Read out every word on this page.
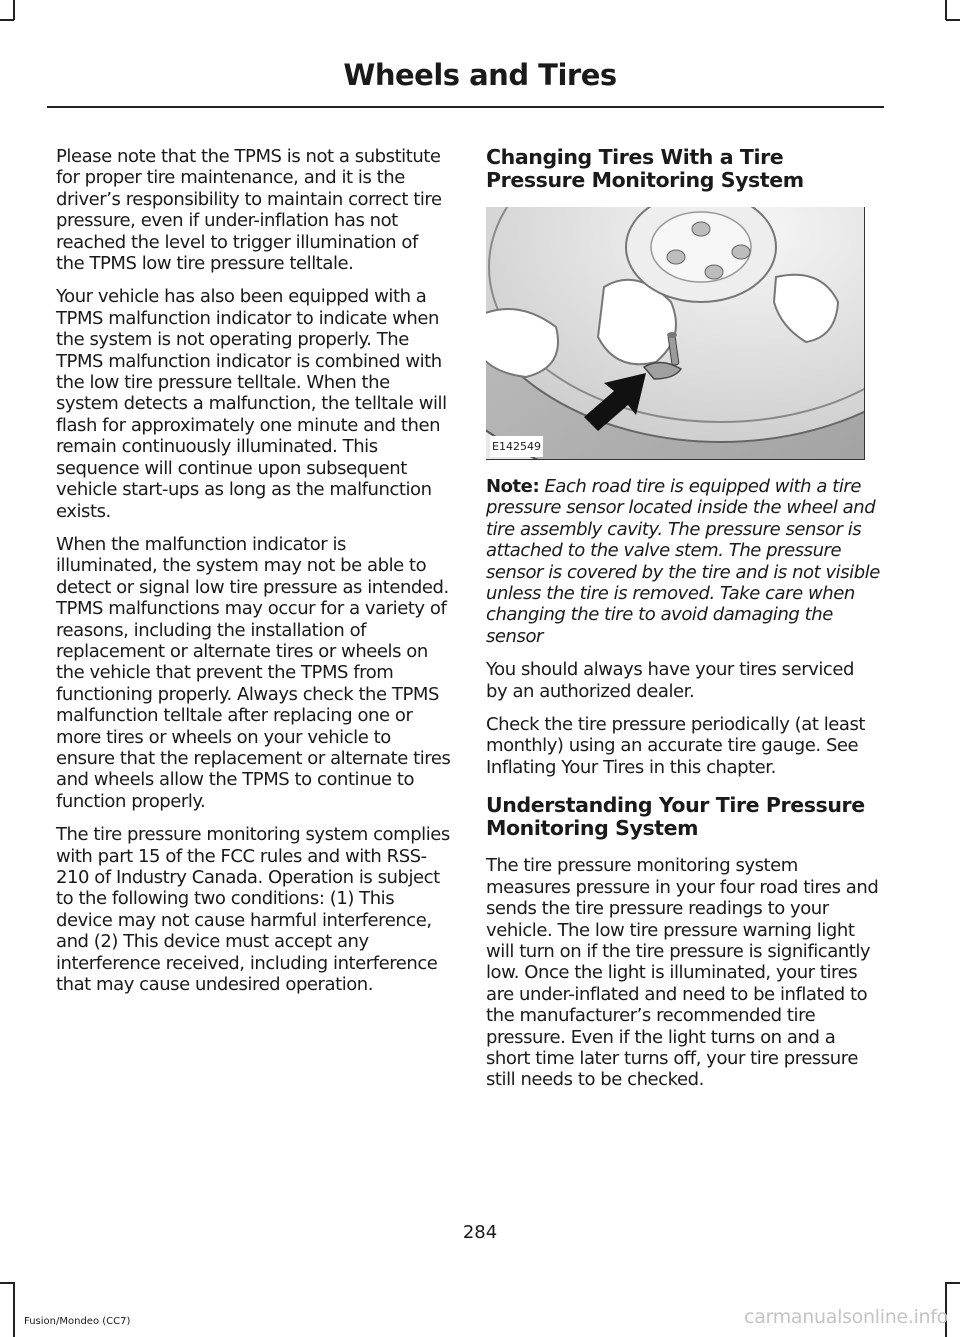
Wheels and Tires

Please note that the TPMS is not a substitute for proper tire maintenance, and it is the driver’s responsibility to maintain correct tire pressure, even if under-inflation has not reached the level to trigger illumination of the TPMS low tire pressure telltale.

Your vehicle has also been equipped with a TPMS malfunction indicator to indicate when the system is not operating properly. The TPMS malfunction indicator is combined with the low tire pressure telltale. When the system detects a malfunction, the telltale will flash for approximately one minute and then remain continuously illuminated. This sequence will continue upon subsequent vehicle start-ups as long as the malfunction exists.

When the malfunction indicator is illuminated, the system may not be able to detect or signal low tire pressure as intended. TPMS malfunctions may occur for a variety of reasons, including the installation of replacement or alternate tires or wheels on the vehicle that prevent the TPMS from functioning properly. Always check the TPMS malfunction telltale after replacing one or more tires or wheels on your vehicle to ensure that the replacement or alternate tires and wheels allow the TPMS to continue to function properly.

The tire pressure monitoring system complies with part 15 of the FCC rules and with RSS-210 of Industry Canada. Operation is subject to the following two conditions: (1) This device may not cause harmful interference, and (2) This device must accept any interference received, including interference that may cause undesired operation.

Changing Tires With a Tire Pressure Monitoring System
E142549

Note: Each road tire is equipped with a tire pressure sensor located inside the wheel and tire assembly cavity. The pressure sensor is attached to the valve stem. The pressure sensor is covered by the tire and is not visible unless the tire is removed. Take care when changing the tire to avoid damaging the sensor

You should always have your tires serviced by an authorized dealer.

Check the tire pressure periodically (at least monthly) using an accurate tire gauge. See Inflating Your Tires in this chapter.

Understanding Your Tire Pressure Monitoring System

The tire pressure monitoring system measures pressure in your four road tires and sends the tire pressure readings to your vehicle. The low tire pressure warning light will turn on if the tire pressure is significantly low. Once the light is illuminated, your tires are under-inflated and need to be inflated to the manufacturer’s recommended tire pressure. Even if the light turns on and a short time later turns off, your tire pressure still needs to be checked.

284

Fusion/Mondeo (CC7)	carmanualsonline.info
